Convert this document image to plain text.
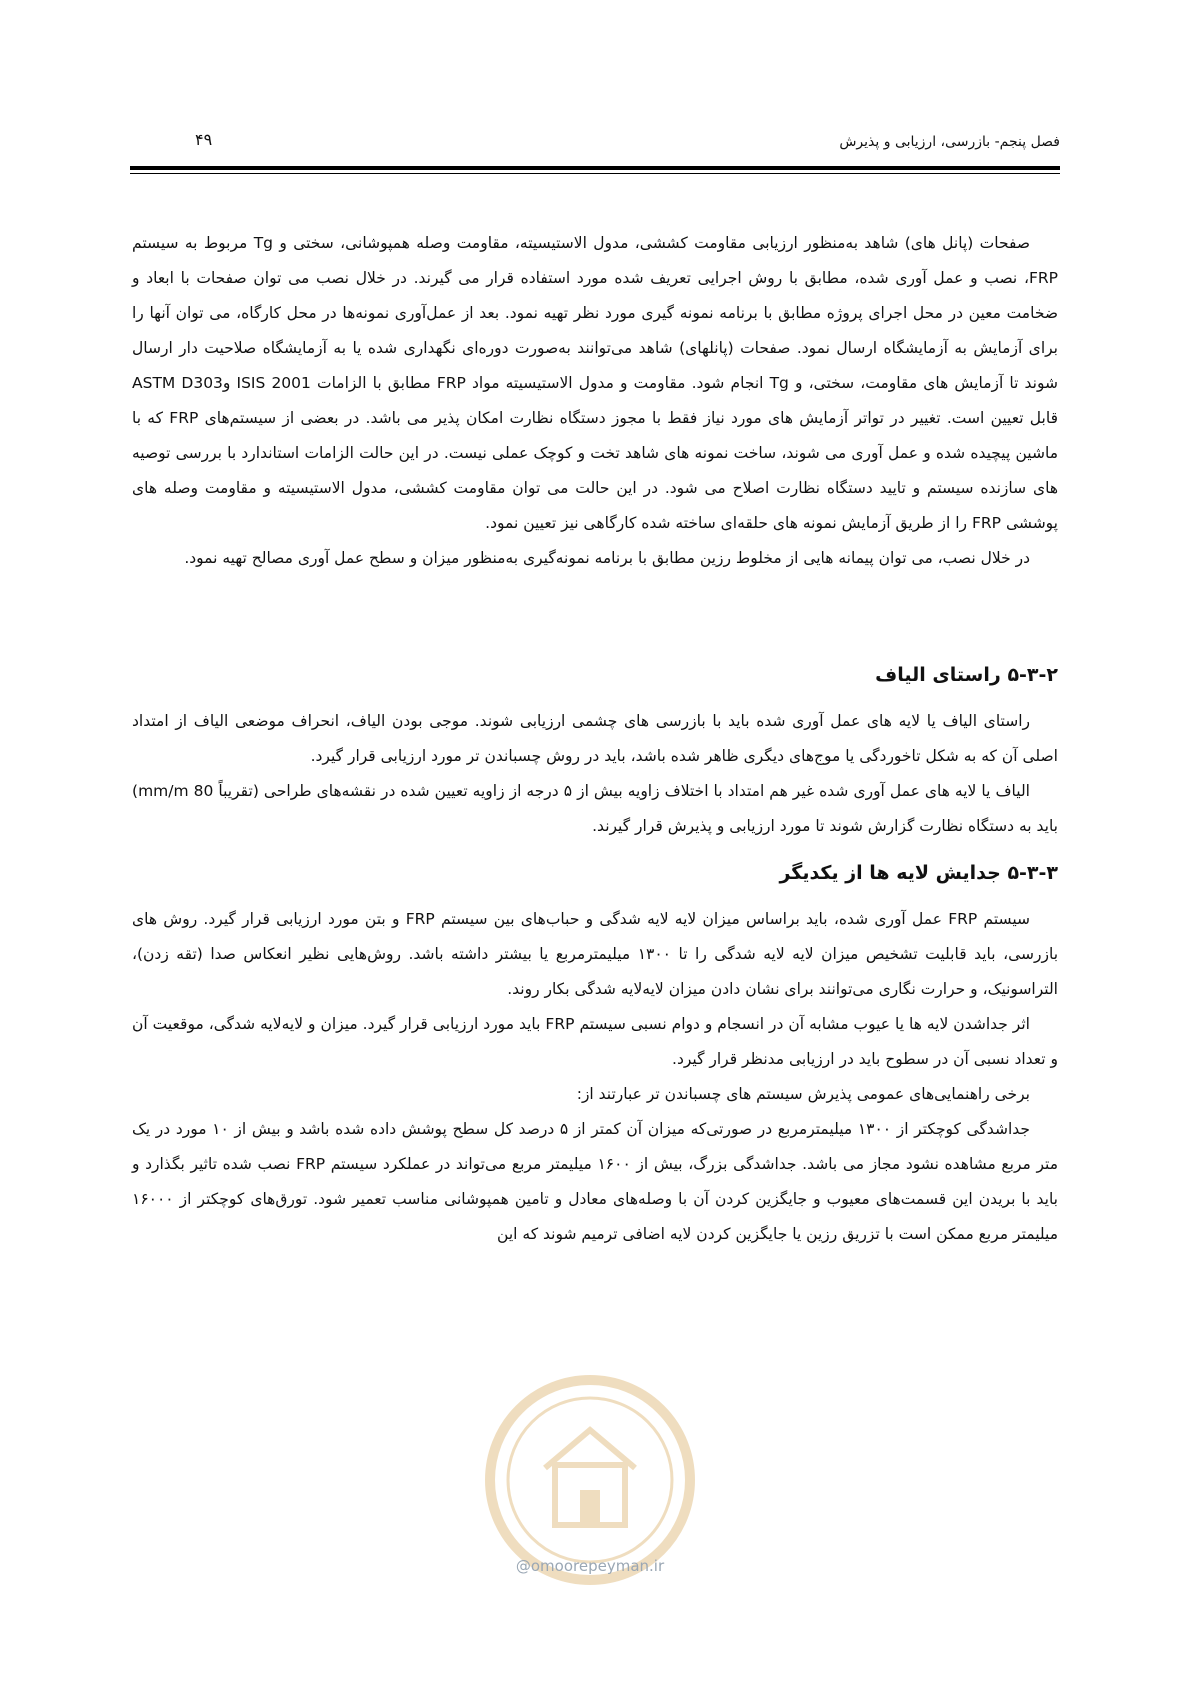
۴۹	فصل پنجم- بازرسی، ارزیابی و پذیرش

صفحات (پانل های) شاهد به‌منظور ارزیابی مقاومت کششی، مدول الاستیسیته، مقاومت وصله همپوشانی، سختی و Tg مربوط به سیستم FRP، نصب و عمل آوری شده، مطابق با روش اجرایی تعریف شده مورد استفاده قرار می گیرند. در خلال نصب می توان صفحات با ابعاد و ضخامت معین در محل اجرای پروژه مطابق با برنامه نمونه گیری مورد نظر تهیه نمود. بعد از عمل‌آوری نمونه‌ها در محل کارگاه، می توان آنها را برای آزمایش به آزمایشگاه ارسال نمود. صفحات (پانلهای) شاهد می‌توانند به‌صورت دوره‌ای نگهداری شده یا به آزمایشگاه صلاحیت دار ارسال شوند تا آزمایش های مقاومت، سختی، و Tg انجام شود. مقاومت و مدول الاستیسیته مواد FRP مطابق با الزامات ISIS 2001 وASTM D303 قابل تعیین است. تغییر در تواتر آزمایش های مورد نیاز فقط با مجوز دستگاه نظارت امکان پذیر می باشد. در بعضی از سیستم‌های FRP که با ماشین پیچیده شده و عمل آوری می شوند، ساخت نمونه های شاهد تخت و کوچک عملی نیست. در این حالت الزامات استاندارد با بررسی توصیه های سازنده سیستم و تایید دستگاه نظارت اصلاح می شود. در این حالت می توان مقاومت کششی، مدول الاستیسیته و مقاومت وصله های پوششی FRP را از طریق آزمایش نمونه های حلقه‌ای ساخته شده کارگاهی نیز تعیین نمود.

در خلال نصب، می توان پیمانه هایی از مخلوط رزین مطابق با برنامه نمونه‌گیری به‌منظور میزان و سطح عمل آوری مصالح تهیه نمود.

۵-۳-۲ راستای الیاف

راستای الیاف یا لایه های عمل آوری شده باید با بازرسی های چشمی ارزیابی شوند. موجی بودن الیاف، انحراف موضعی الیاف از امتداد اصلی آن که به شکل تاخوردگی یا موج‌های دیگری ظاهر شده باشد، باید در روش چسباندن تر مورد ارزیابی قرار گیرد.

الیاف یا لایه های عمل آوری شده غیر هم امتداد با اختلاف زاویه بیش از ۵ درجه از زاویه تعیین شده در نقشه‌های طراحی (تقریباً 80 mm/m) باید به دستگاه نظارت گزارش شوند تا مورد ارزیابی و پذیرش قرار گیرند.

۵-۳-۳ جدایش لایه ها از یکدیگر

سیستم FRP عمل آوری شده، باید براساس میزان لایه لایه شدگی و حباب‌های بین سیستم FRP و بتن مورد ارزیابی قرار گیرد. روش های بازرسی، باید قابلیت تشخیص میزان لایه لایه شدگی را تا ۱۳۰۰ میلیمترمربع یا بیشتر داشته باشد. روش‌هایی نظیر انعکاس صدا (تقه زدن)، التراسونیک، و حرارت نگاری می‌توانند برای نشان دادن میزان لایه‌لایه شدگی بکار روند.

اثر جداشدن لایه ها یا عیوب مشابه آن در انسجام و دوام نسبی سیستم FRP باید مورد ارزیابی قرار گیرد. میزان و لایه‌لایه شدگی، موقعیت آن و تعداد نسبی آن در سطوح باید در ارزیابی مدنظر قرار گیرد.

برخی راهنمایی‌های عمومی پذیرش سیستم های چسباندن تر عبارتند از:

جداشدگی کوچکتر از ۱۳۰۰ میلیمترمربع در صورتی‌که میزان آن کمتر از ۵ درصد کل سطح پوشش داده شده باشد و بیش از ۱۰ مورد در یک متر مربع مشاهده نشود مجاز می باشد. جداشدگی بزرگ، بیش از ۱۶۰۰ میلیمتر مربع می‌تواند در عملکرد سیستم FRP نصب شده تاثیر بگذارد و باید با بریدن این قسمت‌های معیوب و جایگزین کردن آن با وصله‌های معادل و تامین همپوشانی مناسب تعمیر شود. تورق‌های کوچکتر از ۱۶۰۰۰ میلیمتر مربع ممکن است با تزریق رزین یا جایگزین کردن لایه اضافی ترمیم شوند که این

@omoorepeyman.ir
